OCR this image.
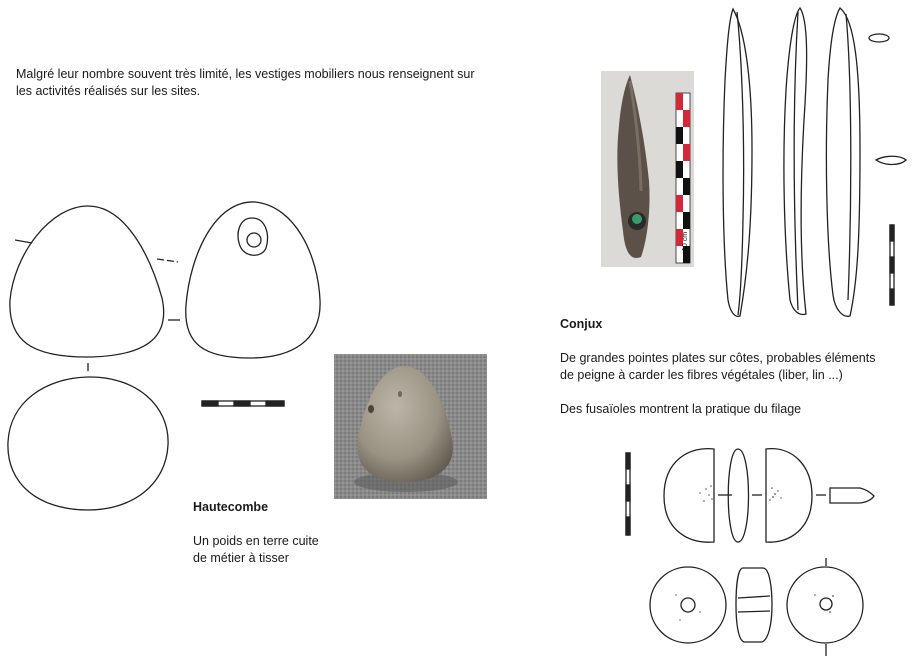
Malgré leur nombre souvent très limité, les vestiges mobiliers nous renseignent sur
les activités réalisés sur les sites.
Hautecombe
Un poids en terre cuite
de métier à tisser
Conjux
De grandes pointes plates sur côtes, probables éléments
de peigne à carder les fibres végétales (liber, lin ...)
Des fusaïoles montrent la pratique du filage
10 cm
